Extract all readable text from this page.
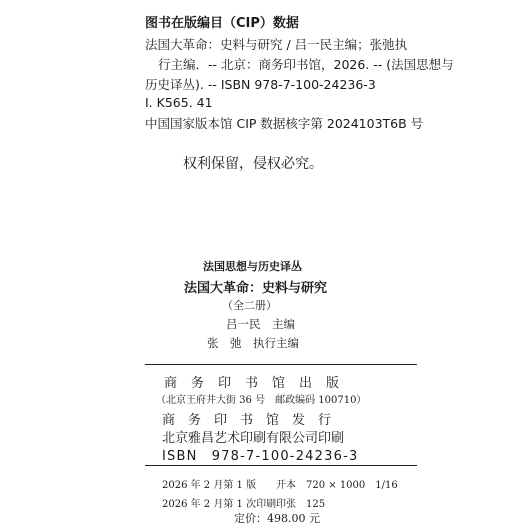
图书在版编目（CIP）数据
法国大革命：史料与研究 / 吕一民主编；张弛执
行主编．-- 北京：商务印书馆，2026. -- (法国思想与
历史译丛). -- ISBN 978-7-100-24236-3
I. K565. 41
中国国家版本馆 CIP 数据核字第 2024103T6B 号
权利保留，侵权必究。
法国思想与历史译丛
法国大革命：史料与研究
（全二册）
吕一民　主编
张　弛　执行主编
商务印书馆出版
（北京王府井大街 36 号　邮政编码 100710）
商务印书馆发行
北京雅昌艺术印刷有限公司印刷
ISBN　978-7-100-24236-3
2026 年 2 月第 1 版 开本　720 × 1000　1/16
2026 年 2 月第 1 次印刷 印张　125
定价：498.00 元
